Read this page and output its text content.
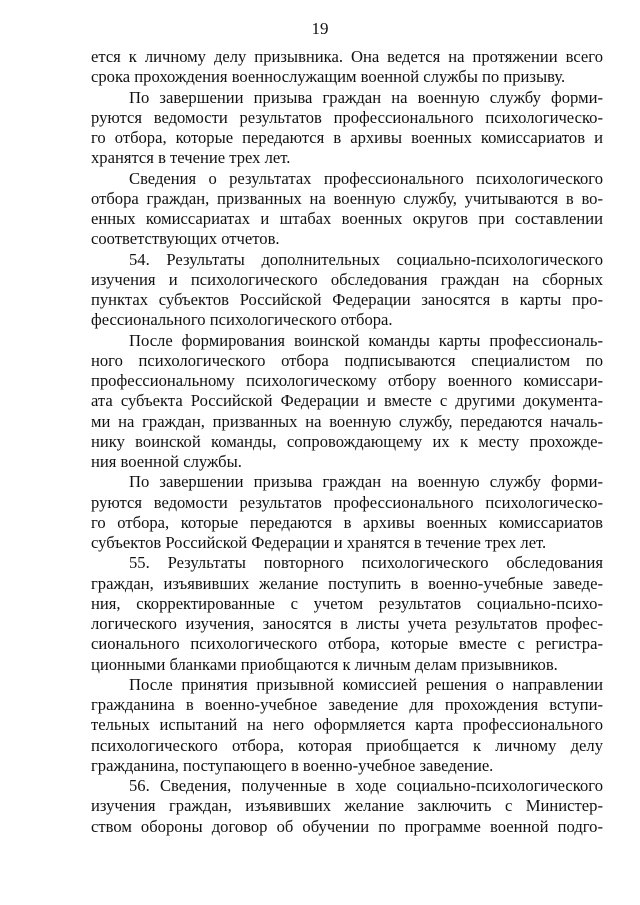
19
ется к личному делу призывника. Она ведется на протяжении всего
срока прохождения военнослужащим военной службы по призыву.
По завершении призыва граждан на военную службу форми-
руются ведомости результатов профессионального психологическо-
го отбора, которые передаются в архивы военных комиссариатов и
хранятся в течение трех лет.
Сведения о результатах профессионального психологического
отбора граждан, призванных на военную службу, учитываются в во-
енных комиссариатах и штабах военных округов при составлении
соответствующих отчетов.
54. Результаты дополнительных социально-психологического
изучения и психологического обследования граждан на сборных
пунктах субъектов Российской Федерации заносятся в карты про-
фессионального психологического отбора.
После формирования воинской команды карты профессиональ-
ного психологического отбора подписываются специалистом по
профессиональному психологическому отбору военного комиссари-
ата субъекта Российской Федерации и вместе с другими документа-
ми на граждан, призванных на военную службу, передаются началь-
нику воинской команды, сопровождающему их к месту прохожде-
ния военной службы.
По завершении призыва граждан на военную службу форми-
руются ведомости результатов профессионального психологическо-
го отбора, которые передаются в архивы военных комиссариатов
субъектов Российской Федерации и хранятся в течение трех лет.
55. Результаты повторного психологического обследования
граждан, изъявивших желание поступить в военно-учебные заведе-
ния, скорректированные с учетом результатов социально-психо-
логического изучения, заносятся в листы учета результатов профес-
сионального психологического отбора, которые вместе с регистра-
ционными бланками приобщаются к личным делам призывников.
После принятия призывной комиссией решения о направлении
гражданина в военно-учебное заведение для прохождения вступи-
тельных испытаний на него оформляется карта профессионального
психологического отбора, которая приобщается к личному делу
гражданина, поступающего в военно-учебное заведение.
56. Сведения, полученные в ходе социально-психологического
изучения граждан, изъявивших желание заключить с Министер-
ством обороны договор об обучении по программе военной подго-
